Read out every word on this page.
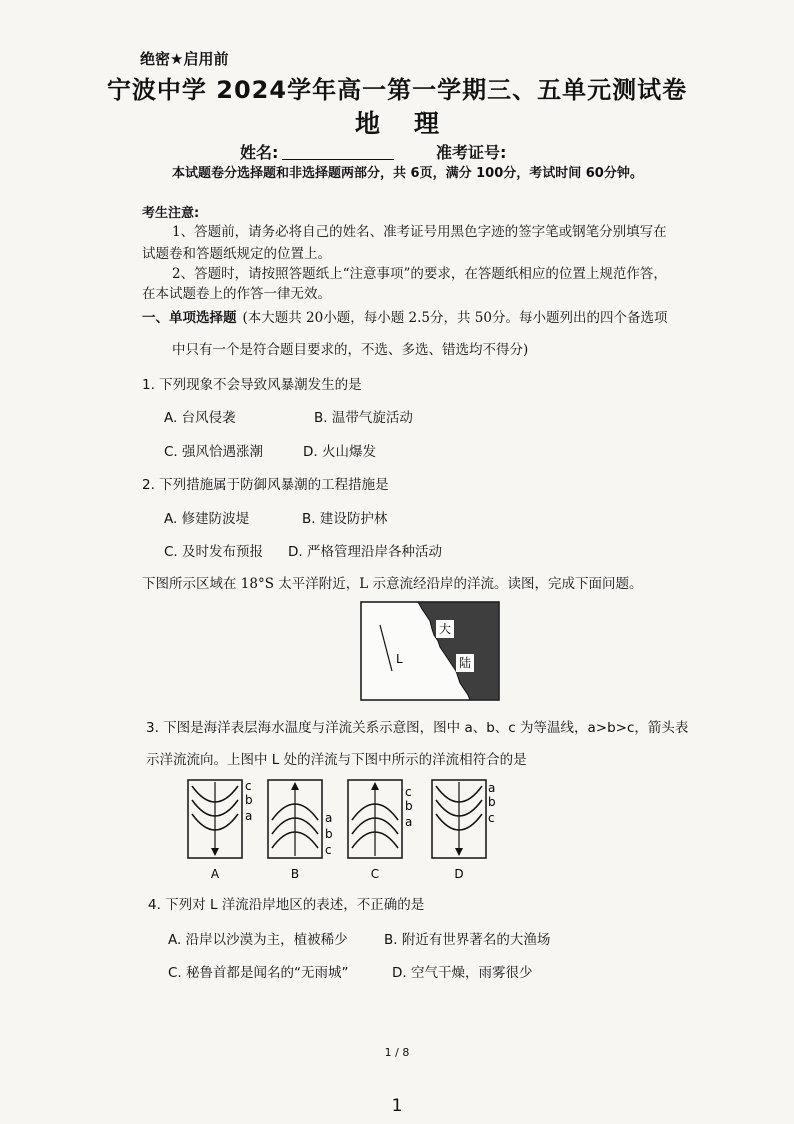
绝密★启用前
宁波中学 2024学年高一第一学期三、五单元测试卷
地理
姓名:	准考证号:
本试题卷分选择题和非选择题两部分，共 6页，满分 100分，考试时间 60分钟。
考生注意:
1、答题前，请务必将自己的姓名、准考证号用黑色字迹的签字笔或钢笔分别填写在
试题卷和答题纸规定的位置上。
2、答题时，请按照答题纸上“注意事项”的要求，在答题纸相应的位置上规范作答，
在本试题卷上的作答一律无效。
一、单项选择题 (本大题共 20小题，每小题 2.5分，共 50分。每小题列出的四个备选项
中只有一个是符合题目要求的，不选、多选、错选均不得分)
1. 下列现象不会导致风暴潮发生的是
A. 台风侵袭	B. 温带气旋活动
C. 强风恰遇涨潮	D. 火山爆发
2. 下列措施属于防御风暴潮的工程措施是
A. 修建防波堤	B. 建设防护林
C. 及时发布预报 D. 严格管理沿岸各种活动
下图所示区域在 18°S 太平洋附近，L 示意流经沿岸的洋流。读图，完成下面问题。
大
陆
L
3. 下图是海洋表层海水温度与洋流关系示意图，图中 a、b、c 为等温线，a>b>c，箭头表
示洋流流向。上图中 L 处的洋流与下图中所示的洋流相符合的是
c
b
a
A
a
b
c
B
c
b
a
C
a
b
c
D
4. 下列对 L 洋流沿岸地区的表述，不正确的是
A. 沿岸以沙漠为主，植被稀少	B. 附近有世界著名的大渔场
C. 秘鲁首都是闻名的“无雨城”	D. 空气干燥，雨雾很少
1 / 8
1
